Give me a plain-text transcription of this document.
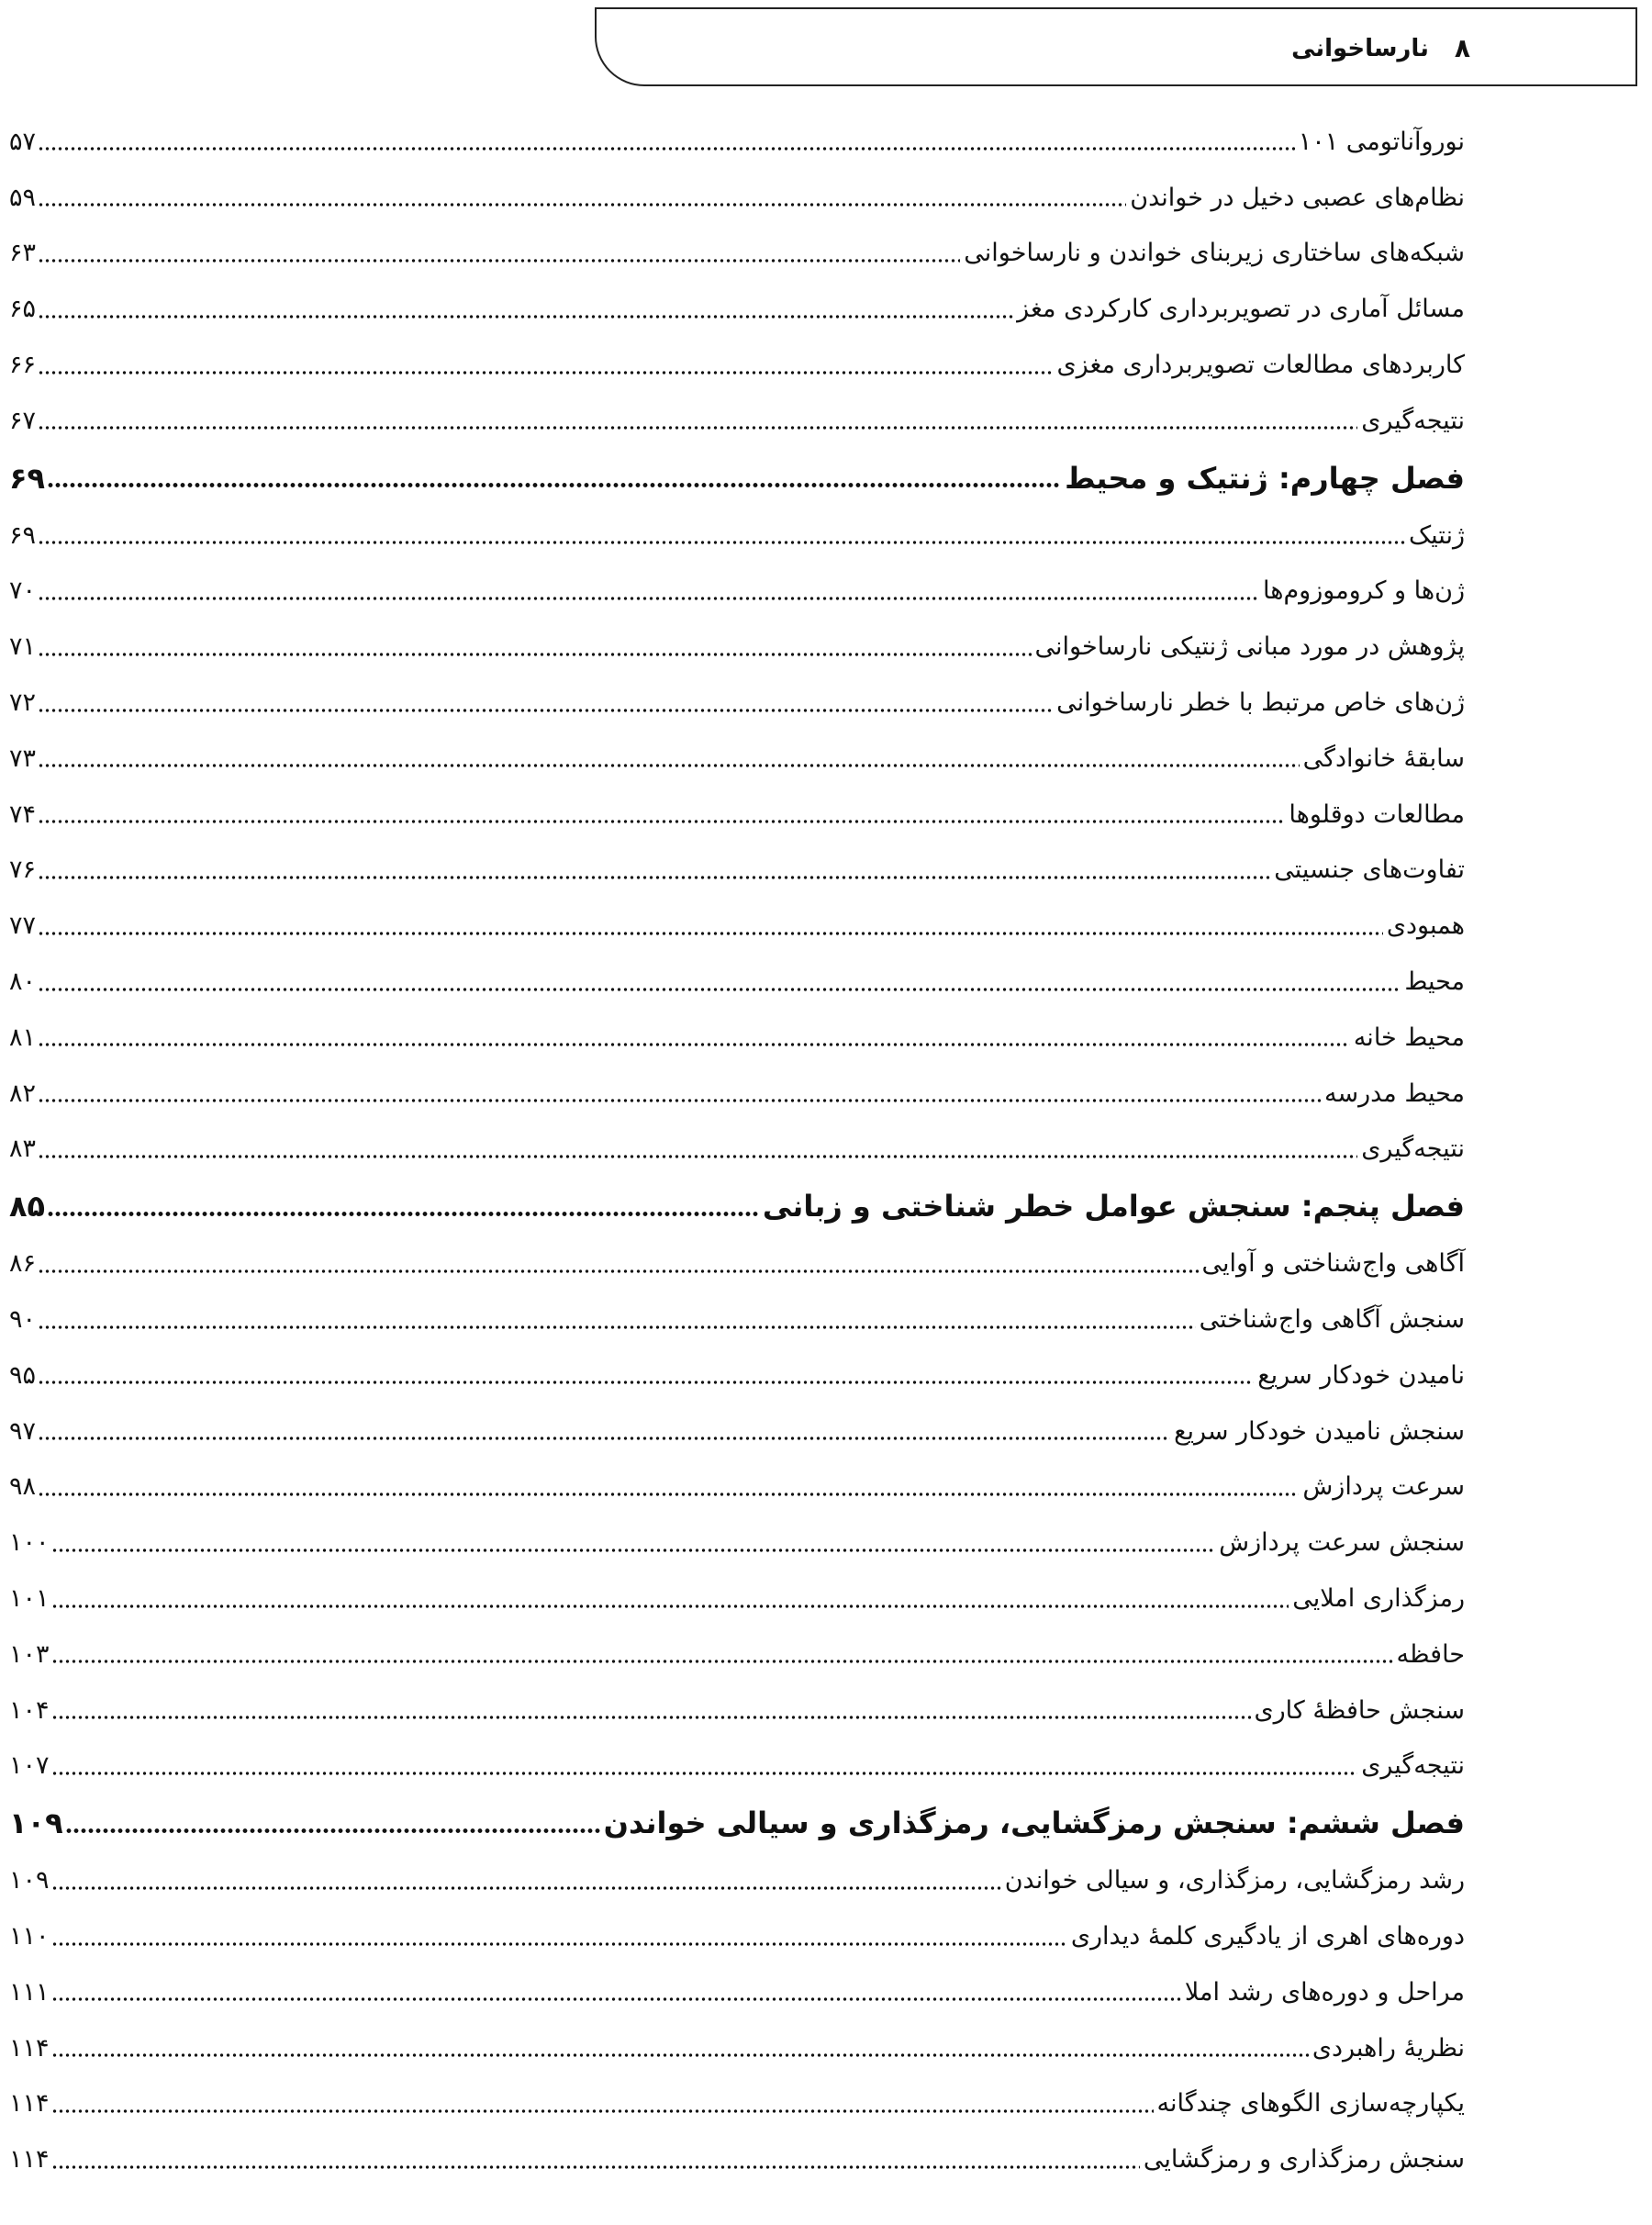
۸
نارساخوانی
نوروآناتومی ۱۰۱
۵۷
نظام‌های عصبی دخیل در خواندن
۵۹
شبکه‌های ساختاری زیربنای خواندن و نارساخوانی
۶۳
مسائل آماری در تصویربرداری کارکردی مغز
۶۵
کاربردهای مطالعات تصویربرداری مغزی
۶۶
نتیجه‌گیری
۶۷
فصل چهارم: ژنتیک و محیط
۶۹
ژنتیک
۶۹
ژن‌ها و کروموزوم‌ها
۷۰
پژوهش در مورد مبانی ژنتیکی نارساخوانی
۷۱
ژن‌های خاص مرتبط با خطر نارساخوانی
۷۲
سابقهٔ خانوادگی
۷۳
مطالعات دوقلوها
۷۴
تفاوت‌های جنسیتی
۷۶
همبودی
۷۷
محیط
۸۰
محیط خانه
۸۱
محیط مدرسه
۸۲
نتیجه‌گیری
۸۳
فصل پنجم: سنجش عوامل خطر شناختی و زبانی
۸۵
آگاهی واج‌شناختی و آوایی
۸۶
سنجش آگاهی واج‌شناختی
۹۰
نامیدن خودکار سریع
۹۵
سنجش نامیدن خودکار سریع
۹۷
سرعت پردازش
۹۸
سنجش سرعت پردازش
۱۰۰
رمزگذاری املایی
۱۰۱
حافظه
۱۰۳
سنجش حافظهٔ کاری
۱۰۴
نتیجه‌گیری
۱۰۷
فصل ششم: سنجش رمزگشایی، رمزگذاری و سیالی خواندن
۱۰۹
رشد رمزگشایی، رمزگذاری، و سیالی خواندن
۱۰۹
دوره‌های اهری از یادگیری کلمهٔ دیداری
۱۱۰
مراحل و دوره‌های رشد املا
۱۱۱
نظریهٔ راهبردی
۱۱۴
یکپارچه‌سازی الگوهای چندگانه
۱۱۴
سنجش رمزگذاری و رمزگشایی
۱۱۴
